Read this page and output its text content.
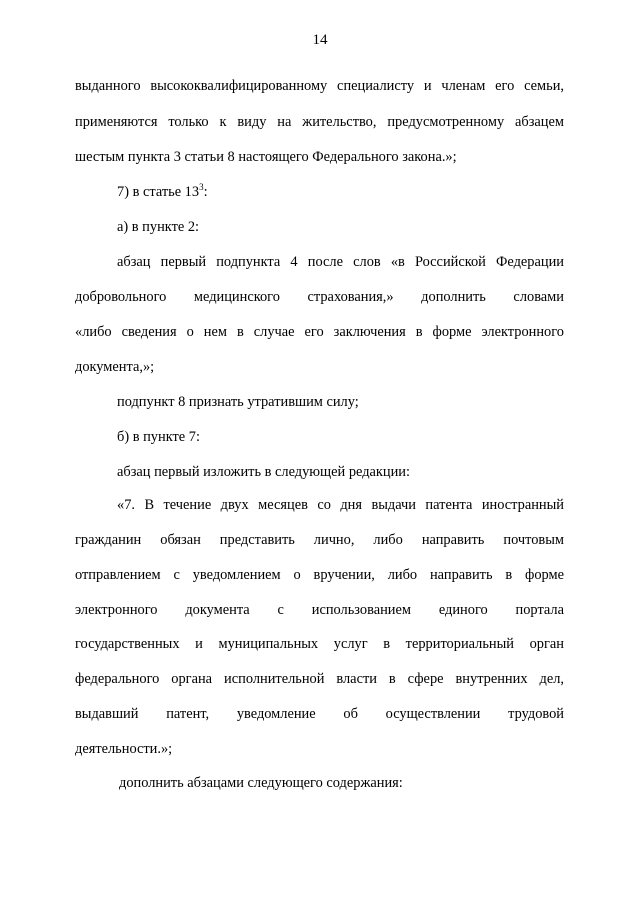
14
выданного высококвалифицированному специалисту и членам его семьи,
применяются только к виду на жительство, предусмотренному абзацем
шестым пункта 3 статьи 8 настоящего Федерального закона.»;
7) в статье $13^3$:
а) в пункте 2:
абзац первый подпункта 4 после слов «в Российской Федерации
добровольного медицинского страхования,» дополнить словами
«либо сведения о нем в случае его заключения в форме электронного
документа,»;
подпункт 8 признать утратившим силу;
б) в пункте 7:
абзац первый изложить в следующей редакции:
«7. В течение двух месяцев со дня выдачи патента иностранный
гражданин обязан представить лично, либо направить почтовым
отправлением с уведомлением о вручении, либо направить в форме
электронного документа с использованием единого портала
государственных и муниципальных услуг в территориальный орган
федерального органа исполнительной власти в сфере внутренних дел,
выдавший патент, уведомление об осуществлении трудовой
деятельности.»;
дополнить абзацами следующего содержания:
